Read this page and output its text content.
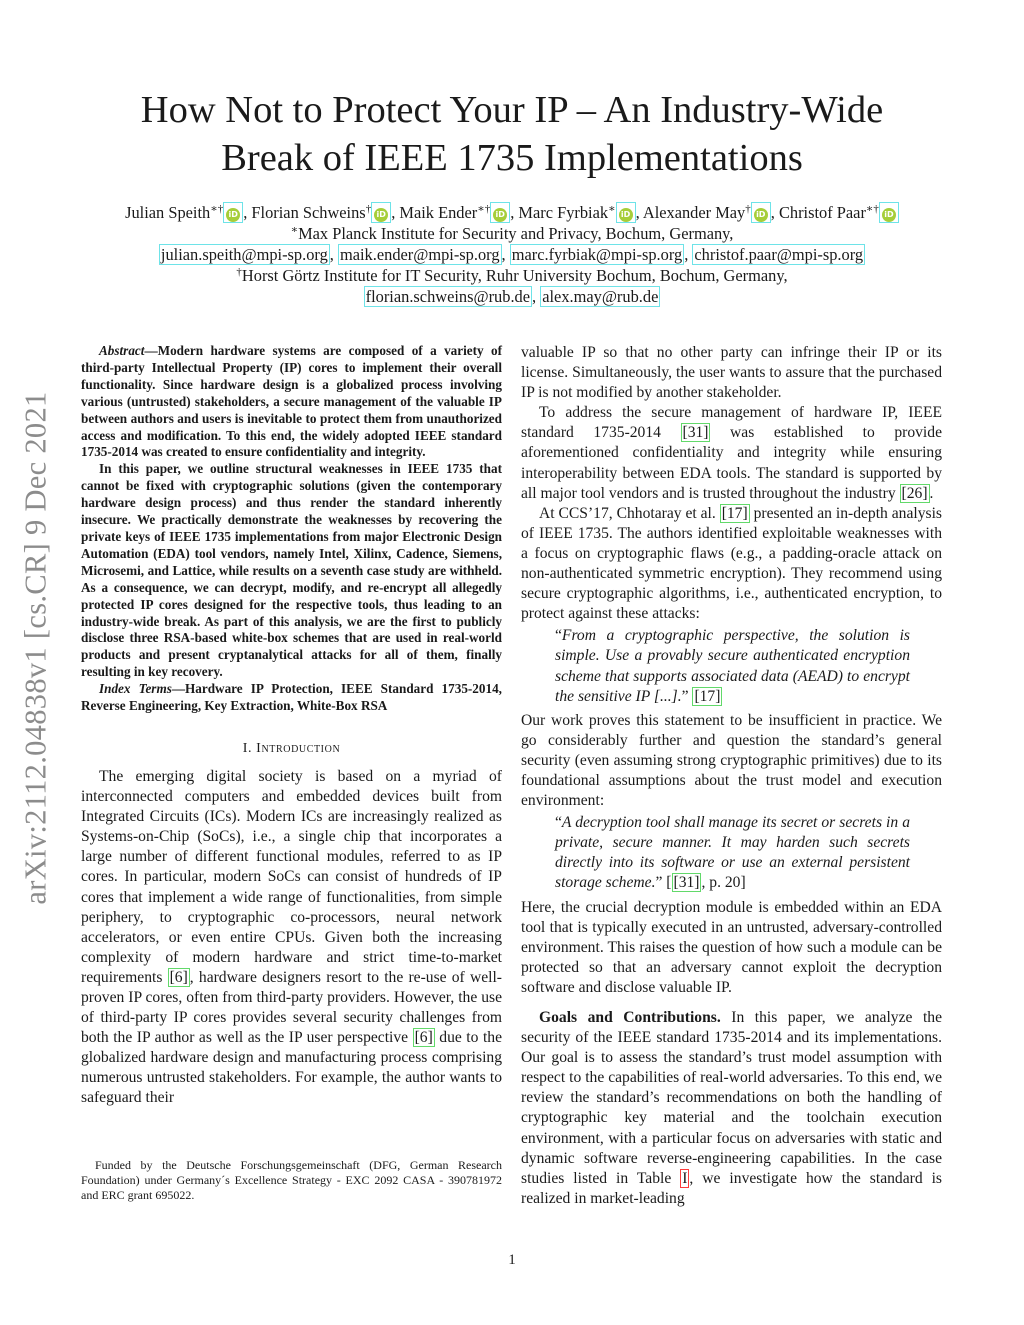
arXiv:2112.04838v1 [cs.CR] 9 Dec 2021
How Not to Protect Your IP – An Industry-Wide
Break of IEEE 1735 Implementations
Julian Speith∗† iD , Florian Schweins† iD , Maik Ender∗† iD , Marc Fyrbiak∗ iD , Alexander May† iD , Christof Paar∗† iD
∗Max Planck Institute for Security and Privacy, Bochum, Germany,
julian.speith@mpi-sp.org , maik.ender@mpi-sp.org , marc.fyrbiak@mpi-sp.org , christof.paar@mpi-sp.org
†Horst Görtz Institute for IT Security, Ruhr University Bochum, Bochum, Germany,
florian.schweins@rub.de , alex.may@rub.de

Abstract—Modern hardware systems are composed of a variety of third-party Intellectual Property (IP) cores to implement their overall functionality. Since hardware design is a globalized process involving various (untrusted) stakeholders, a secure management of the valuable IP between authors and users is inevitable to protect them from unauthorized access and modification. To this end, the widely adopted IEEE standard 1735-2014 was created to ensure confidentiality and integrity.

In this paper, we outline structural weaknesses in IEEE 1735 that cannot be fixed with cryptographic solutions (given the contemporary hardware design process) and thus render the standard inherently insecure. We practically demonstrate the weaknesses by recovering the private keys of IEEE 1735 implementations from major Electronic Design Automation (EDA) tool vendors, namely Intel, Xilinx, Cadence, Siemens, Microsemi, and Lattice, while results on a seventh case study are withheld. As a consequence, we can decrypt, modify, and re-encrypt all allegedly protected IP cores designed for the respective tools, thus leading to an industry-wide break. As part of this analysis, we are the first to publicly disclose three RSA-based white-box schemes that are used in real-world products and present cryptanalytical attacks for all of them, finally resulting in key recovery.

Index Terms—Hardware IP Protection, IEEE Standard 1735-2014, Reverse Engineering, Key Extraction, White-Box RSA

I. Introduction

The emerging digital society is based on a myriad of interconnected computers and embedded devices built from Integrated Circuits (ICs). Modern ICs are increasingly realized as Systems-on-Chip (SoCs), i.e., a single chip that incorporates a large number of different functional modules, referred to as IP cores. In particular, modern SoCs can consist of hundreds of IP cores that implement a wide range of functionalities, from simple periphery, to cryptographic co-processors, neural network accelerators, or even entire CPUs. Given both the increasing complexity of modern hardware and strict time-to-market requirements [6] , hardware designers resort to the re-use of well-proven IP cores, often from third-party providers. However, the use of third-party IP cores provides several security challenges from both the IP author as well as the IP user perspective [6] due to the globalized hardware design and manufacturing process comprising numerous untrusted stakeholders. For example, the author wants to safeguard their

Funded by the Deutsche Forschungsgemeinschaft (DFG, German Research Foundation) under Germany´s Excellence Strategy - EXC 2092 CASA - 390781972 and ERC grant 695022.

valuable IP so that no other party can infringe their IP or its license. Simultaneously, the user wants to assure that the purchased IP is not modified by another stakeholder.

To address the secure management of hardware IP, IEEE standard 1735-2014 [31] was established to provide aforementioned confidentiality and integrity while ensuring interoperability between EDA tools. The standard is supported by all major tool vendors and is trusted throughout the industry [26] .

At CCS’17, Chhotaray et al. [17] presented an in-depth analysis of IEEE 1735. The authors identified exploitable weaknesses with a focus on cryptographic flaws (e.g., a padding-oracle attack on non-authenticated symmetric encryption). They recommend using secure cryptographic algorithms, i.e., authenticated encryption, to protect against these attacks:

“From a cryptographic perspective, the solution is simple. Use a provably secure authenticated encryption scheme that supports associated data (AEAD) to encrypt the sensitive IP [...].” [17]

Our work proves this statement to be insufficient in practice. We go considerably further and question the standard’s general security (even assuming strong cryptographic primitives) due to its foundational assumptions about the trust model and execution environment:

“A decryption tool shall manage its secret or secrets in a private, secure manner. It may harden such secrets directly into its software or use an external persistent storage scheme.” [ [31] , p. 20]

Here, the crucial decryption module is embedded within an EDA tool that is typically executed in an untrusted, adversary-controlled environment. This raises the question of how such a module can be protected so that an adversary cannot exploit the decryption software and disclose valuable IP.

Goals and Contributions. In this paper, we analyze the security of the IEEE standard 1735-2014 and its implementations. Our goal is to assess the standard’s trust model assumption with respect to the capabilities of real-world adversaries. To this end, we review the standard’s recommendations on both the handling of cryptographic key material and the toolchain execution environment, with a particular focus on adversaries with static and dynamic software reverse-engineering capabilities. In the case studies listed in Table I , we investigate how the standard is realized in market-leading

1
